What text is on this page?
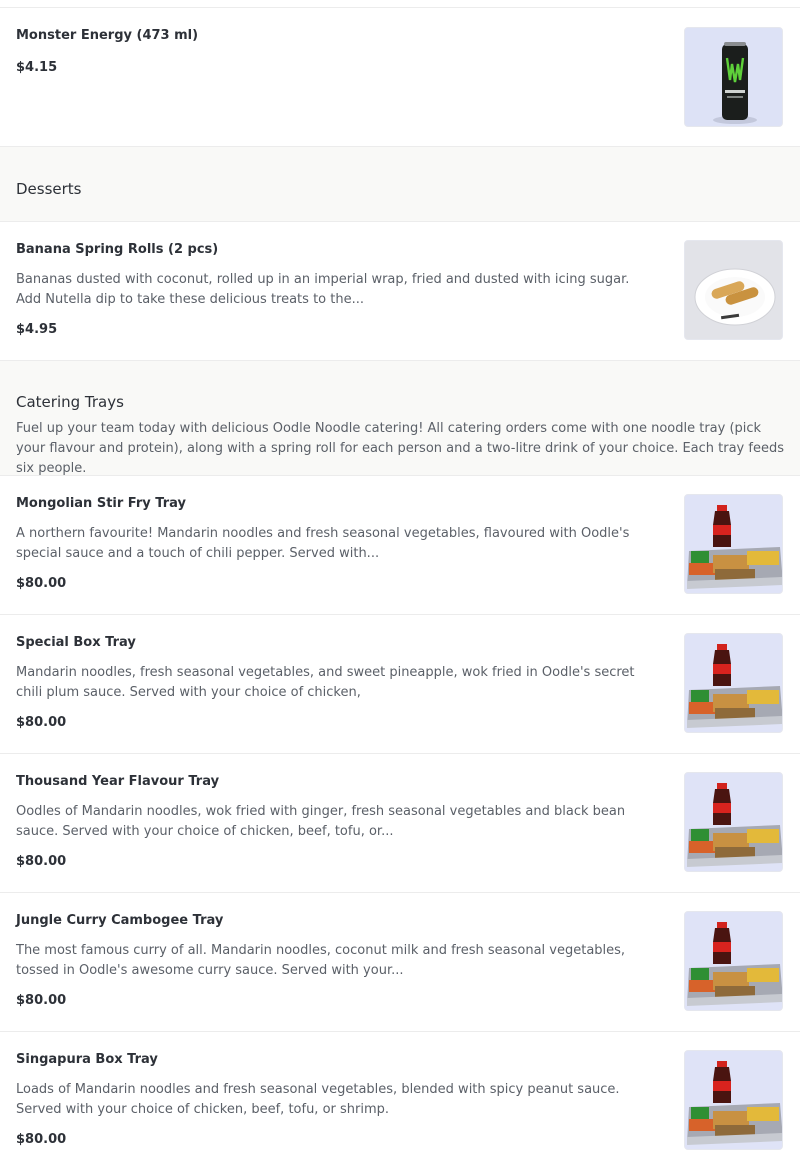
Monster Energy (473 ml)
$4.15
Desserts
Banana Spring Rolls (2 pcs)
Bananas dusted with coconut, rolled up in an imperial wrap, fried and dusted with icing sugar. Add Nutella dip to take these delicious treats to the...
$4.95
Catering Trays
Fuel up your team today with delicious Oodle Noodle catering! All catering orders come with one noodle tray (pick your flavour and protein), along with a spring roll for each person and a two-litre drink of your choice. Each tray feeds six people.
Mongolian Stir Fry Tray
A northern favourite! Mandarin noodles and fresh seasonal vegetables, flavoured with Oodle's special sauce and a touch of chili pepper. Served with...
$80.00
Special Box Tray
Mandarin noodles, fresh seasonal vegetables, and sweet pineapple, wok fried in Oodle's secret chili plum sauce. Served with your choice of chicken,
$80.00
Thousand Year Flavour Tray
Oodles of Mandarin noodles, wok fried with ginger, fresh seasonal vegetables and black bean sauce. Served with your choice of chicken, beef, tofu, or...
$80.00
Jungle Curry Cambogee Tray
The most famous curry of all. Mandarin noodles, coconut milk and fresh seasonal vegetables, tossed in Oodle's awesome curry sauce. Served with your...
$80.00
Singapura Box Tray
Loads of Mandarin noodles and fresh seasonal vegetables, blended with spicy peanut sauce. Served with your choice of chicken, beef, tofu, or shrimp.
$80.00
